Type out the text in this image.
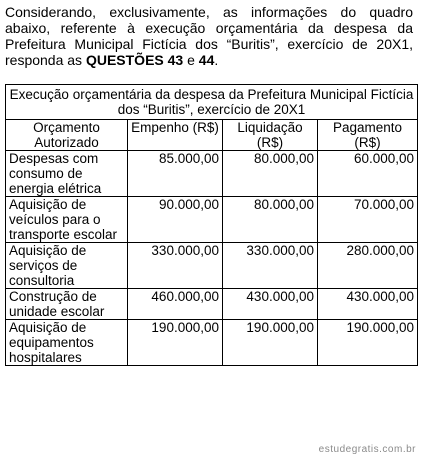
Considerando, exclusivamente, as informações do quadro abaixo, referente à execução orçamentária da despesa da Prefeitura Municipal Fictícia dos “Buritis”, exercício de 20X1, responda as QUESTÕES 43 e 44.
Execução orçamentária da despesa da Prefeitura Municipal Fictícia dos “Buritis”, exercício de 20X1			
Orçamento Autorizado	Empenho (R$)	Liquidação (R$)	Pagamento (R$)
Despesas com consumo de energia elétrica	85.000,00	80.000,00	60.000,00
Aquisição de veículos para o transporte escolar	90.000,00	80.000,00	70.000,00
Aquisição de serviços de consultoria	330.000,00	330.000,00	280.000,00
Construção de unidade escolar	460.000,00	430.000,00	430.000,00
Aquisição de equipamentos hospitalares	190.000,00	190.000,00	190.000,00
estudegratis.com.br
